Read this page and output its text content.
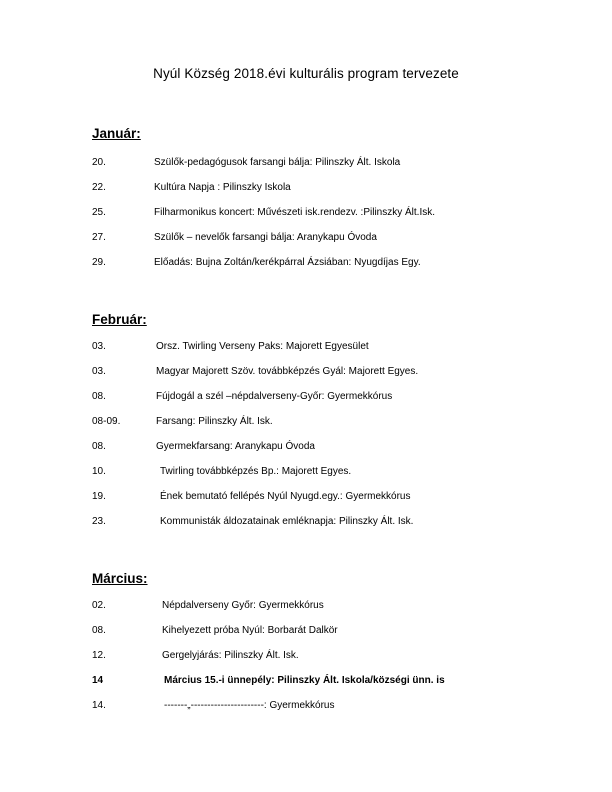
Nyúl Község 2018.évi kulturális program tervezete
Január:
20.	Szülők-pedagógusok farsangi bálja: Pilinszky Ált. Iskola
22.	Kultúra Napja : Pilinszky Iskola
25.	Filharmonikus koncert: Művészeti isk.rendezv. :Pilinszky Ált.Isk.
27.	Szülők – nevelők farsangi bálja: Aranykapu Óvoda
29.	Előadás: Bujna Zoltán/kerékpárral Ázsiában: Nyugdíjas Egy.
Február:
03.	Orsz. Twirling Verseny Paks: Majorett Egyesület
03.	Magyar Majorett Szöv. továbbképzés Gyál: Majorett Egyes.
08.	Fújdogál a szél –népdalverseny-Győr: Gyermekkórus
08-09.	Farsang: Pilinszky Ált. Isk.
08.	Gyermekfarsang: Aranykapu Óvoda
10.	Twirling továbbképzés Bp.: Majorett Egyes.
19.	Ének bemutató fellépés Nyúl Nyugd.egy.: Gyermekkórus
23.	Kommunisták áldozatainak emléknapja: Pilinszky Ált. Isk.
Március:
02.	Népdalverseny Győr: Gyermekkórus
08.	Kihelyezett próba Nyúl: Borbarát Dalkör
12.	Gergelyjárás: Pilinszky Ált. Isk.
14	Március 15.-i ünnepély: Pilinszky Ált. Iskola/községi ünn. is
14.	-------„----------------------: Gyermekkórus
